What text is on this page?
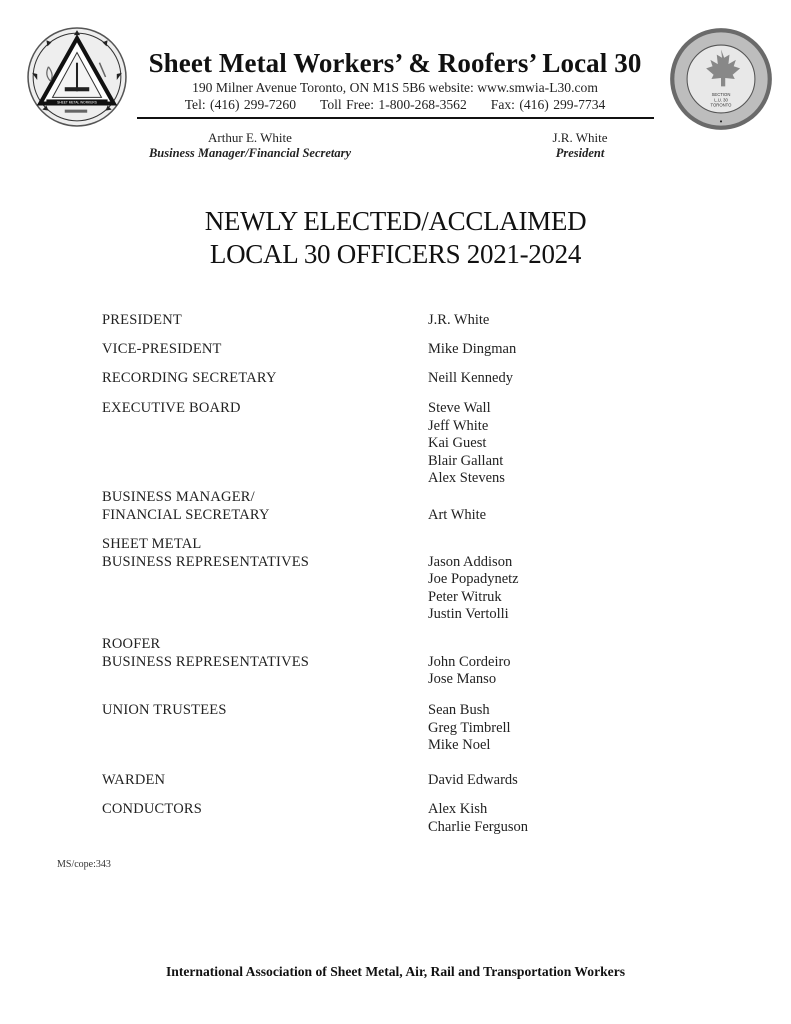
SHEET METAL WORKERS
SECTION
L.U. 30
TORONTO
Sheet Metal Workers’ & Roofers’ Local 30
190 Milner Avenue Toronto, ON M1S 5B6 website: www.smwia-L30.com
Tel: (416) 299-7260 Toll Free: 1-800-268-3562 Fax: (416) 299-7734
Arthur E. White
Business Manager/Financial Secretary
J.R. White
President
NEWLY ELECTED/ACCLAIMED
LOCAL 30 OFFICERS 2021-2024
PRESIDENT	J.R. White
VICE-PRESIDENT	Mike Dingman
RECORDING SECRETARY	Neill Kennedy
EXECUTIVE BOARD	Steve Wall
Jeff White
Kai Guest
Blair Gallant
Alex Stevens
BUSINESS MANAGER/
FINANCIAL SECRETARY	Art White
SHEET METAL
BUSINESS REPRESENTATIVES	Jason Addison
Joe Popadynetz
Peter Witruk
Justin Vertolli
ROOFER
BUSINESS REPRESENTATIVES	John Cordeiro
Jose Manso
UNION TRUSTEES	Sean Bush
Greg Timbrell
Mike Noel
WARDEN	David Edwards
CONDUCTORS	Alex Kish
Charlie Ferguson
MS/cope:343
International Association of Sheet Metal, Air, Rail and Transportation Workers
